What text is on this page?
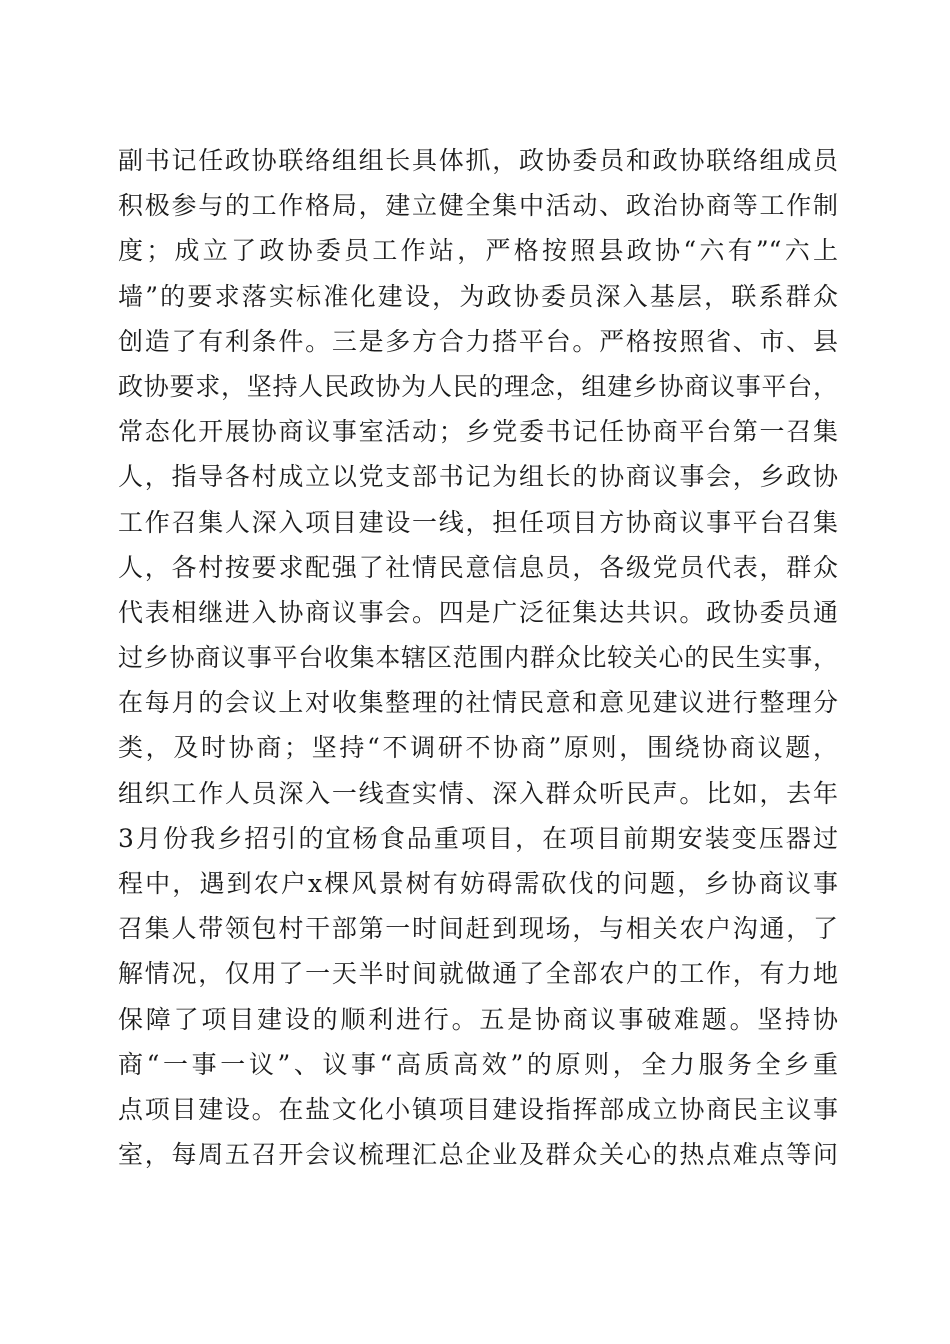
副书记任政协联络组组长具体抓，政协委员和政协联络组成员
积极参与的工作格局，建立健全集中活动、政治协商等工作制
度；成立了政协委员工作站，严格按照县政协“六有”“六上
墙”的要求落实标准化建设，为政协委员深入基层，联系群众
创造了有利条件。三是多方合力搭平台。严格按照省、市、县
政协要求，坚持人民政协为人民的理念，组建乡协商议事平台，
常态化开展协商议事室活动；乡党委书记任协商平台第一召集
人，指导各村成立以党支部书记为组长的协商议事会，乡政协
工作召集人深入项目建设一线，担任项目方协商议事平台召集
人，各村按要求配强了社情民意信息员，各级党员代表，群众
代表相继进入协商议事会。四是广泛征集达共识。政协委员通
过乡协商议事平台收集本辖区范围内群众比较关心的民生实事，
在每月的会议上对收集整理的社情民意和意见建议进行整理分
类，及时协商；坚持“不调研不协商”原则，围绕协商议题，
组织工作人员深入一线查实情、深入群众听民声。比如，去年
3月份我乡招引的宜杨食品重项目，在项目前期安装变压器过
程中，遇到农户x棵风景树有妨碍需砍伐的问题，乡协商议事
召集人带领包村干部第一时间赶到现场，与相关农户沟通，了
解情况，仅用了一天半时间就做通了全部农户的工作，有力地
保障了项目建设的顺利进行。五是协商议事破难题。坚持协
商“一事一议”、议事“高质高效”的原则，全力服务全乡重
点项目建设。在盐文化小镇项目建设指挥部成立协商民主议事
室，每周五召开会议梳理汇总企业及群众关心的热点难点等问
